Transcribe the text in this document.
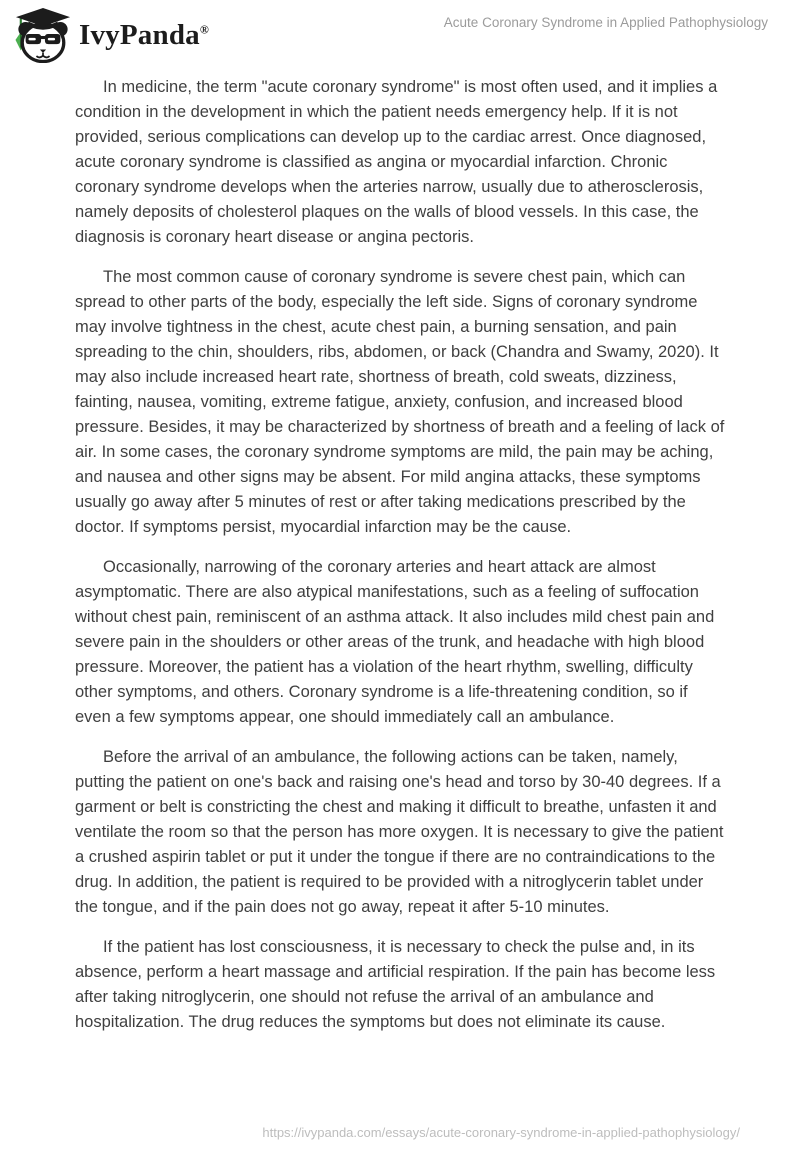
IvyPanda®	Acute Coronary Syndrome in Applied Pathophysiology

In medicine, the term "acute coronary syndrome" is most often used, and it implies a condition in the development in which the patient needs emergency help. If it is not provided, serious complications can develop up to the cardiac arrest. Once diagnosed, acute coronary syndrome is classified as angina or myocardial infarction. Chronic coronary syndrome develops when the arteries narrow, usually due to atherosclerosis, namely deposits of cholesterol plaques on the walls of blood vessels. In this case, the diagnosis is coronary heart disease or angina pectoris.

The most common cause of coronary syndrome is severe chest pain, which can spread to other parts of the body, especially the left side. Signs of coronary syndrome may involve tightness in the chest, acute chest pain, a burning sensation, and pain spreading to the chin, shoulders, ribs, abdomen, or back (Chandra and Swamy, 2020). It may also include increased heart rate, shortness of breath, cold sweats, dizziness, fainting, nausea, vomiting, extreme fatigue, anxiety, confusion, and increased blood pressure. Besides, it may be characterized by shortness of breath and a feeling of lack of air. In some cases, the coronary syndrome symptoms are mild, the pain may be aching, and nausea and other signs may be absent. For mild angina attacks, these symptoms usually go away after 5 minutes of rest or after taking medications prescribed by the doctor. If symptoms persist, myocardial infarction may be the cause.

Occasionally, narrowing of the coronary arteries and heart attack are almost asymptomatic. There are also atypical manifestations, such as a feeling of suffocation without chest pain, reminiscent of an asthma attack. It also includes mild chest pain and severe pain in the shoulders or other areas of the trunk, and headache with high blood pressure. Moreover, the patient has a violation of the heart rhythm, swelling, difficulty other symptoms, and others. Coronary syndrome is a life-threatening condition, so if even a few symptoms appear, one should immediately call an ambulance.

Before the arrival of an ambulance, the following actions can be taken, namely, putting the patient on one's back and raising one's head and torso by 30-40 degrees. If a garment or belt is constricting the chest and making it difficult to breathe, unfasten it and ventilate the room so that the person has more oxygen. It is necessary to give the patient a crushed aspirin tablet or put it under the tongue if there are no contraindications to the drug. In addition, the patient is required to be provided with a nitroglycerin tablet under the tongue, and if the pain does not go away, repeat it after 5-10 minutes.

If the patient has lost consciousness, it is necessary to check the pulse and, in its absence, perform a heart massage and artificial respiration. If the pain has become less after taking nitroglycerin, one should not refuse the arrival of an ambulance and hospitalization. The drug reduces the symptoms but does not eliminate its cause.

https://ivypanda.com/essays/acute-coronary-syndrome-in-applied-pathophysiology/
